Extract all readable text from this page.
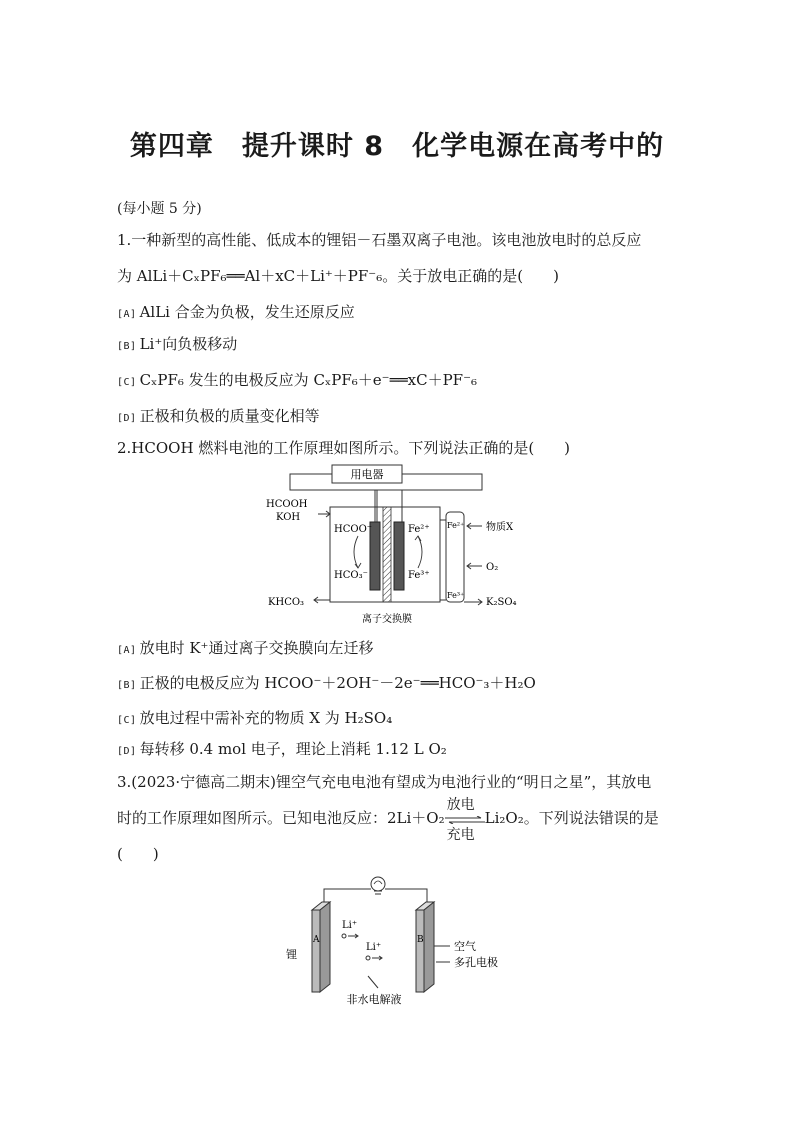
第四章　提升课时 8　化学电源在高考中的
(每小题 5 分)
1.一种新型的高性能、低成本的锂铝－石墨双离子电池。该电池放电时的总反应
为 AlLi＋CₓPF₆══Al＋xC＋Li⁺＋PF⁻₆。关于放电正确的是(　　)
[A] AlLi 合金为负极，发生还原反应
[B] Li⁺向负极移动
[C] CₓPF₆ 发生的电极反应为 CₓPF₆＋e⁻══xC＋PF⁻₆
[D] 正极和负极的质量变化相等
2.HCOOH 燃料电池的工作原理如图所示。下列说法正确的是(　　)
用电器
HCOO⁻
HCO₃⁻
Fe²⁺
Fe³⁺
HCOOH
KOH
KHCO₃
Fe²⁺
Fe³⁺
物质X
O₂
K₂SO₄
离子交换膜
[A] 放电时 K⁺通过离子交换膜向左迁移
[B] 正极的电极反应为 HCOO⁻＋2OH⁻－2e⁻══HCO⁻₃＋H₂O
[C] 放电过程中需补充的物质 X 为 H₂SO₄
[D] 每转移 0.4 mol 电子，理论上消耗 1.12 L O₂
3.(2023·宁德高二期末)锂空气充电电池有望成为电池行业的“明日之星”，其放电
时的工作原理如图所示。已知电池反应：2Li＋O₂
放电
充电
Li₂O₂。下列说法错误的是
(　　)
A	B
锂
Li⁺
Li⁺	空气
多孔电极
非水电解液
